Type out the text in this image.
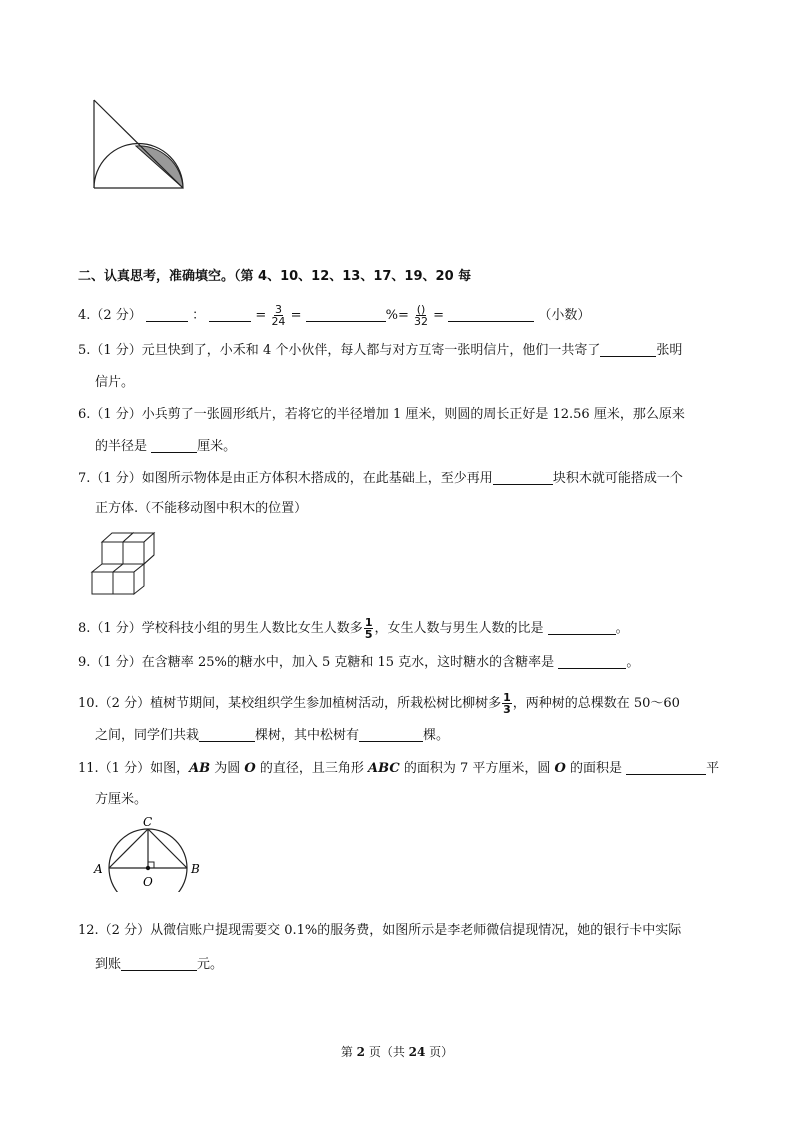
二、认真思考，准确填空。（第 4、10、12、13、17、19、20 每
4.（2 分）	：	= $\frac{3}{24}$ =	%= $\frac{()}{32}$ =	（小数）
5.（1 分）元旦快到了，小禾和 4 个小伙伴，每人都与对方互寄一张明信片，他们一共寄了	张明
信片。
6.（1 分）小兵剪了一张圆形纸片，若将它的半径增加 1 厘米，则圆的周长正好是 12.56 厘米，那么原来
的半径是	厘米。
7.（1 分）如图所示物体是由正方体积木搭成的，在此基础上，至少再用	块积木就可能搭成一个
正方体.（不能移动图中积木的位置）
8.（1 分）学校科技小组的男生人数比女生人数多 $\frac{1}{5}$ ，女生人数与男生人数的比是	。
9.（1 分）在含糖率 25%的糖水中，加入 5 克糖和 15 克水，这时糖水的含糖率是	。
10.（2 分）植树节期间，某校组织学生参加植树活动，所栽松树比柳树多 $\frac{1}{3}$ ，两种树的总棵数在 50～60
之间，同学们共栽	棵树，其中松树有	棵。
11.（1 分）如图，AB 为圆 O 的直径，且三角形 ABC 的面积为 7 平方厘米，圆 O 的面积是	平
方厘米。
C
A	B
O
12.（2 分）从微信账户提现需要交 0.1%的服务费，如图所示是李老师微信提现情况，她的银行卡中实际
到账	元。
第 2 页（共 24 页）
